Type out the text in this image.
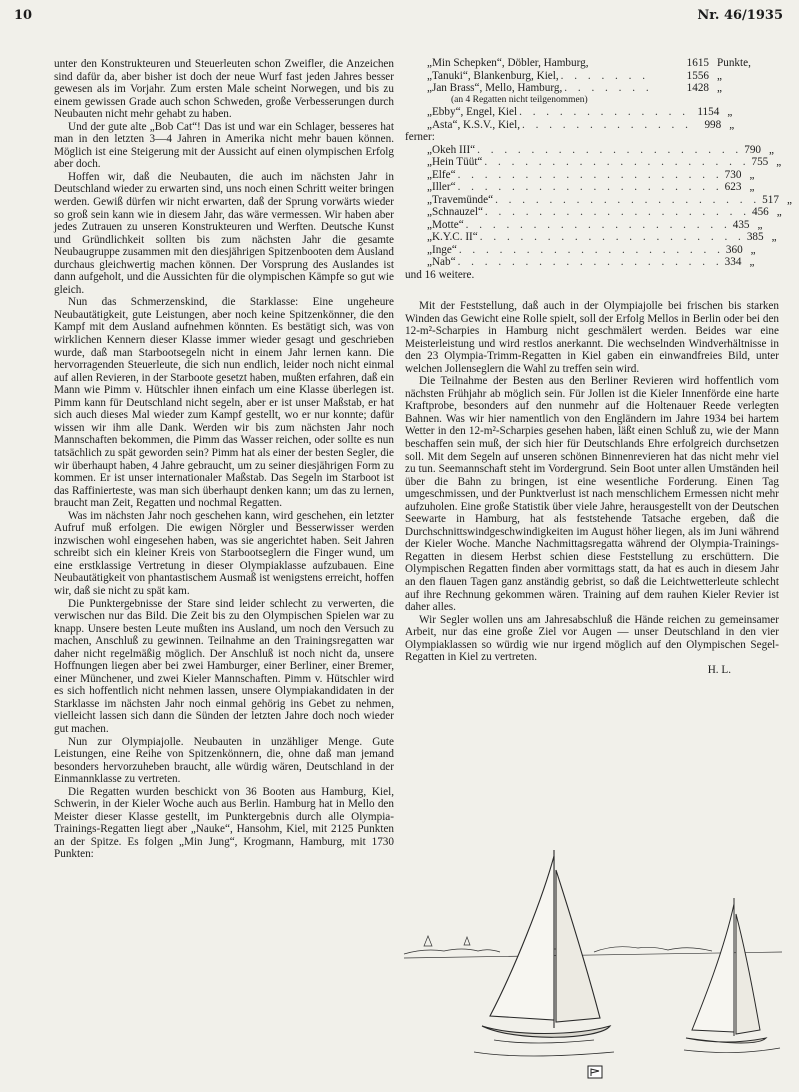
10	Nr. 46/1935

unter den Konstrukteuren und Steuerleuten schon Zweifler, die Anzeichen sind dafür da, aber bisher ist doch der neue Wurf fast jeden Jahres besser gewesen als im Vorjahr. Zum ersten Male scheint Norwegen, und bis zu einem gewissen Grade auch schon Schweden, große Verbesserungen durch Neubauten nicht mehr gehabt zu haben.

Und der gute alte „Bob Cat“! Das ist und war ein Schlager, besseres hat man in den letzten 3—4 Jahren in Amerika nicht mehr bauen können. Möglich ist eine Steigerung mit der Aussicht auf einen olympischen Erfolg aber doch.

Hoffen wir, daß die Neubauten, die auch im nächsten Jahr in Deutschland wieder zu erwarten sind, uns noch einen Schritt weiter bringen werden. Gewiß dürfen wir nicht erwarten, daß der Sprung vorwärts wieder so groß sein kann wie in diesem Jahr, das wäre vermessen. Wir haben aber jedes Zutrauen zu unseren Konstrukteuren und Werften. Deutsche Kunst und Gründlichkeit sollten bis zum nächsten Jahr die gesamte Neubaugruppe zusammen mit den diesjährigen Spitzenbooten dem Ausland durchaus gleichwertig machen können. Der Vorsprung des Auslandes ist dann aufgeholt, und die Aussichten für die olympischen Kämpfe so gut wie gleich.

Nun das Schmerzenskind, die Starklasse: Eine ungeheure Neubautätigkeit, gute Leistungen, aber noch keine Spitzenkönner, die den Kampf mit dem Ausland aufnehmen könnten. Es bestätigt sich, was von wirklichen Kennern dieser Klasse immer wieder gesagt und geschrieben wurde, daß man Starbootsegeln nicht in einem Jahr lernen kann. Die hervorragenden Steuerleute, die sich nun endlich, leider noch nicht einmal auf allen Revieren, in der Starboote gesetzt haben, mußten erfahren, daß ein Mann wie Pimm v. Hütschler ihnen einfach um eine Klasse überlegen ist. Pimm kann für Deutschland nicht segeln, aber er ist unser Maßstab, er hat sich auch dieses Mal wieder zum Kampf gestellt, wo er nur konnte; dafür wissen wir ihm alle Dank. Werden wir bis zum nächsten Jahr noch Mannschaften bekommen, die Pimm das Wasser reichen, oder sollte es nun tatsächlich zu spät geworden sein? Pimm hat als einer der besten Segler, die wir überhaupt haben, 4 Jahre gebraucht, um zu seiner diesjährigen Form zu kommen. Er ist unser internationaler Maßstab. Das Segeln im Starboot ist das Raffinierteste, was man sich überhaupt denken kann; um das zu lernen, braucht man Zeit, Regatten und nochmal Regatten.

Was im nächsten Jahr noch geschehen kann, wird geschehen, ein letzter Aufruf muß erfolgen. Die ewigen Nörgler und Besserwisser werden inzwischen wohl eingesehen haben, was sie angerichtet haben. Seit Jahren schreibt sich ein kleiner Kreis von Starbootseglern die Finger wund, um eine erstklassige Vertretung in dieser Olympiaklasse aufzubauen. Eine Neubautätigkeit von phantastischem Ausmaß ist wenigstens erreicht, hoffen wir, daß sie nicht zu spät kam.

Die Punktergebnisse der Stare sind leider schlecht zu verwerten, die verwischen nur das Bild. Die Zeit bis zu den Olympischen Spielen war zu knapp. Unsere besten Leute mußten ins Ausland, um noch den Versuch zu machen, Anschluß zu gewinnen. Teilnahme an den Trainingsregatten war daher nicht regelmäßig möglich. Der Anschluß ist noch nicht da, unsere Hoffnungen liegen aber bei zwei Hamburger, einer Berliner, einer Bremer, einer Münchener, und zwei Kieler Mannschaften. Pimm v. Hütschler wird es sich hoffentlich nicht nehmen lassen, unsere Olympiakandidaten in der Starklasse im nächsten Jahr noch einmal gehörig ins Gebet zu nehmen, vielleicht lassen sich dann die Sünden der letzten Jahre doch noch wieder gut machen.

Nun zur Olympiajolle. Neubauten in unzähliger Menge. Gute Leistungen, eine Reihe von Spitzenkönnern, die, ohne daß man jemand besonders hervorzuheben braucht, alle würdig wären, Deutschland in der Einmannklasse zu vertreten.

Die Regatten wurden beschickt von 36 Booten aus Hamburg, Kiel, Schwerin, in der Kieler Woche auch aus Berlin. Hamburg hat in Mello den Meister dieser Klasse gestellt, im Punktergebnis durch alle Olympia-Trainings-Regatten liegt aber „Nauke“, Hansohm, Kiel, mit 2125 Punkten an der Spitze. Es folgen „Min Jung“, Krogmann, Hamburg, mit 1730 Punkten:

„Min Schepken“, Döbler, Hamburg,	1615 Punkte,
„Tanuki“, Blankenburg, Kiel, . . . . . . .	1556 „
„Jan Brass“, Mello, Hamburg, . . . . . . .	1428 „
(an 4 Regatten nicht teilgenommen)
„Ebby“, Engel, Kiel . . . . . . . . . . . . . 1154 „
„Asta“, K.S.V., Kiel, . . . . . . . . . . . . .	998 „
ferner:
„Okeh III“ . . . . . . . . . . . . . . . . . . . . 790 „
„Hein Tüüt“ . . . . . . . . . . . . . . . . . . . . 755 „
„Elfe“ . . . . . . . . . . . . . . . . . . . . 730 „
„Iller“ . . . . . . . . . . . . . . . . . . . . 623 „
„Travemünde“ . . . . . . . . . . . . . . . . . . . . 517 „
„Schnauzel“ . . . . . . . . . . . . . . . . . . . . 456 „
„Motte“ . . . . . . . . . . . . . . . . . . . . 435 „
„K.Y.C. II“ . . . . . . . . . . . . . . . . . . . . 385 „
„Inge“ . . . . . . . . . . . . . . . . . . . . 360 „
„Nab“ . . . . . . . . . . . . . . . . . . . . 334 „
und 16 weitere.

Mit der Feststellung, daß auch in der Olympiajolle bei frischen bis starken Winden das Gewicht eine Rolle spielt, soll der Erfolg Mellos in Berlin oder bei den 12-m²-Scharpies in Hamburg nicht geschmälert werden. Beides war eine Meisterleistung und wird restlos anerkannt. Die wechselnden Windverhältnisse in den 23 Olympia-Trimm-Regatten in Kiel gaben ein einwandfreies Bild, unter welchen Jollenseglern die Wahl zu treffen sein wird.

Die Teilnahme der Besten aus den Berliner Revieren wird hoffentlich vom nächsten Frühjahr ab möglich sein. Für Jollen ist die Kieler Innenförde eine harte Kraftprobe, besonders auf den nunmehr auf die Holtenauer Reede verlegten Bahnen. Was wir hier namentlich von den Engländern im Jahre 1934 bei hartem Wetter in den 12-m²-Scharpies gesehen haben, läßt einen Schluß zu, wie der Mann beschaffen sein muß, der sich hier für Deutschlands Ehre erfolgreich durchsetzen soll. Mit dem Segeln auf unseren schönen Binnenrevieren hat das nicht mehr viel zu tun. Seemannschaft steht im Vordergrund. Sein Boot unter allen Umständen heil über die Bahn zu bringen, ist eine wesentliche Forderung. Einen Tag umgeschmissen, und der Punktverlust ist nach menschlichem Ermessen nicht mehr aufzuholen. Eine große Statistik über viele Jahre, herausgestellt von der Deutschen Seewarte in Hamburg, hat als feststehende Tatsache ergeben, daß die Durchschnittswindgeschwindigkeiten im August höher liegen, als im Juni während der Kieler Woche. Manche Nachmittagsregatta während der Olympia-Trainings-Regatten in diesem Herbst schien diese Feststellung zu erschüttern. Die Olympischen Regatten finden aber vormittags statt, da hat es auch in diesem Jahr an den flauen Tagen ganz anständig gebrist, so daß die Leichtwetterleute schlecht auf ihre Rechnung gekommen wären. Training auf dem rauhen Kieler Revier ist daher alles.

Wir Segler wollen uns am Jahresabschluß die Hände reichen zu gemeinsamer Arbeit, nur das eine große Ziel vor Augen — unser Deutschland in den vier Olympiaklassen so würdig wie nur irgend möglich auf den Olympischen Segel-Regatten in Kiel zu vertreten.

H. L.
